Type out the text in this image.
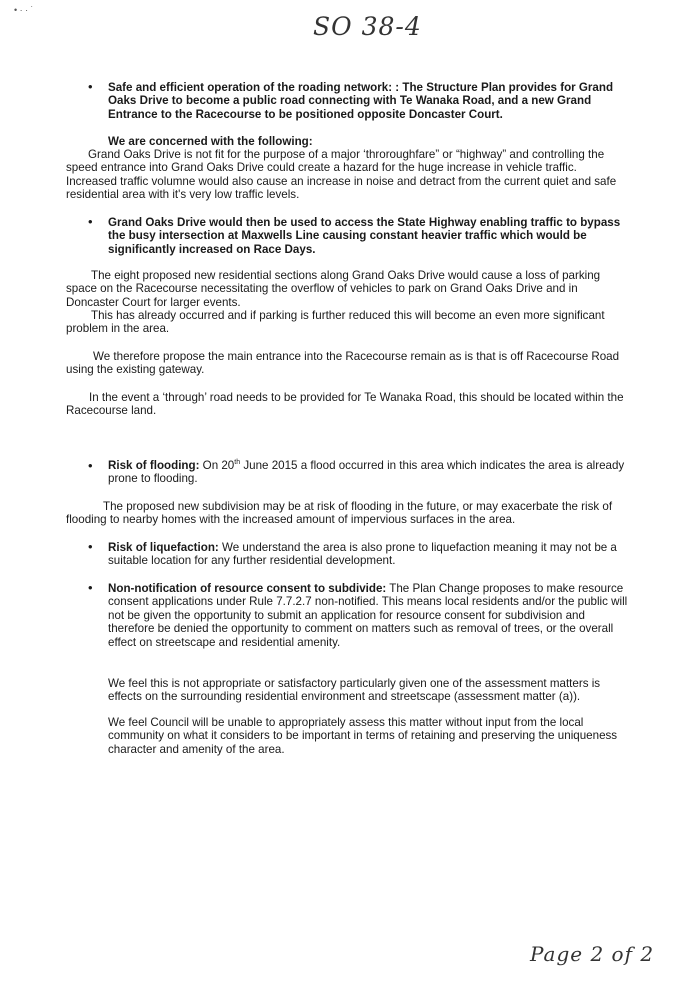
• · · ˙
SO 38-4
• Safe and efficient operation of the roading network: : The Structure Plan provides for Grand Oaks Drive to become a public road connecting with Te Wanaka Road, and a new Grand Entrance to the Racecourse to be positioned opposite Doncaster Court.

We are concerned with the following:

Grand Oaks Drive is not fit for the purpose of a major ‘throroughfare” or “highway” and controlling the speed entrance into Grand Oaks Drive could create a hazard for the huge increase in vehicle traffic. Increased traffic volumne would also cause an increase in noise and detract from the current quiet and safe residential area with it's very low traffic levels.

• Grand Oaks Drive would then be used to access the State Highway enabling traffic to bypass the busy intersection at Maxwells Line causing constant heavier traffic which would be significantly increased on Race Days.

The eight proposed new residential sections along Grand Oaks Drive would cause a loss of parking space on the Racecourse necessitating the overflow of vehicles to park on Grand Oaks Drive and in Doncaster Court for larger events.

This has already occurred and if parking is further reduced this will become an even more significant problem in the area.

We therefore propose the main entrance into the Racecourse remain as is that is off Racecourse Road using the existing gateway.

In the event a ‘through’ road needs to be provided for Te Wanaka Road, this should be located within the Racecourse land.

• Risk of flooding: On 20th June 2015 a flood occurred in this area which indicates the area is already prone to flooding.

The proposed new subdivision may be at risk of flooding in the future, or may exacerbate the risk of flooding to nearby homes with the increased amount of impervious surfaces in the area.

• Risk of liquefaction: We understand the area is also prone to liquefaction meaning it may not be a suitable location for any further residential development.

• Non-notification of resource consent to subdivide: The Plan Change proposes to make resource consent applications under Rule 7.7.2.7 non-notified. This means local residents and/or the public will not be given the opportunity to submit an application for resource consent for subdivision and therefore be denied the opportunity to comment on matters such as removal of trees, or the overall effect on streetscape and residential amenity.

We feel this is not appropriate or satisfactory particularly given one of the assessment matters is effects on the surrounding residential environment and streetscape (assessment matter (a)).

We feel Council will be unable to appropriately assess this matter without input from the local community on what it considers to be important in terms of retaining and preserving the uniqueness character and amenity of the area.

Page 2 of 2
